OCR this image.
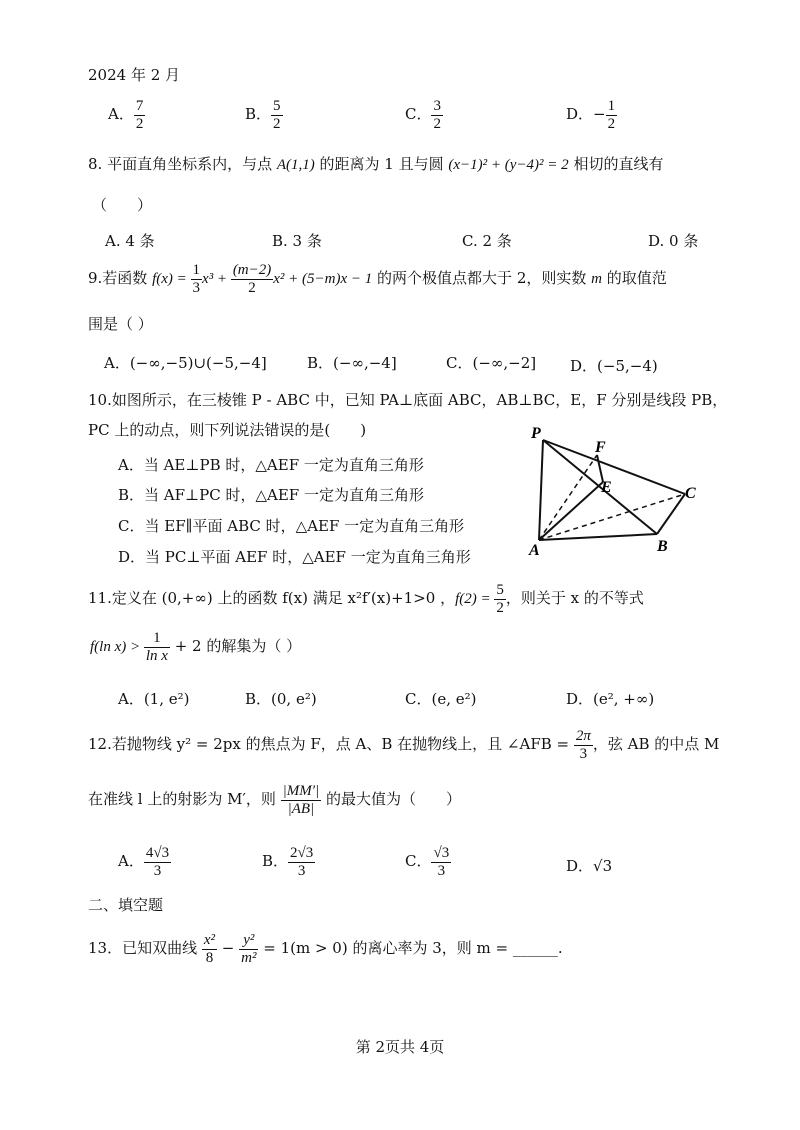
2024 年 2 月
A． $\frac{7}{2}$	B． $\frac{5}{2}$	C． $\frac{3}{2}$	D．− $\frac{1}{2}$
8. 平面直角坐标系内，与点 A(1,1) 的距离为 1 且与圆 (x−1)² + (y−4)² = 2 相切的直线有
（　　）
A. 4 条	B. 3 条	C. 2 条	D. 0 条
9.若函数 $f(x) = \frac{1}{3} x^3 + \frac{(m-2)}{2} x^2 + (5-m)x - 1$ 的两个极值点都大于 2，则实数 m 的取值范
围是（ ）
A．(−∞,−5)∪(−5,−4]	B．(−∞,−4]	C．(−∞,−2] D．(−5,−4)
10.如图所示，在三棱锥 P - ABC 中，已知 PA⊥底面 ABC，AB⊥BC，E，F 分别是线段 PB，
PC 上的动点，则下列说法错误的是(　　)
A．当 AE⊥PB 时，△AEF 一定为直角三角形
B．当 AF⊥PC 时，△AEF 一定为直角三角形
C．当 EF∥平面 ABC 时，△AEF 一定为直角三角形
D．当 PC⊥平面 AEF 时，△AEF 一定为直角三角形
P
F
E	C
A	B
11.定义在 (0,+∞) 上的函数 f(x) 满足 x²f′(x)+1>0 ，$f(2) = \frac{5}{2}$ ，则关于 x 的不等式
f(ln $x) > \frac{1}{\text{ln x}} + 2$ 的解集为（ ）
A．(1, e²)	B．(0, e²)	C．(e, e²)	D．(e², +∞)
12.若抛物线 y² = 2px 的焦点为 F，点 A、B 在抛物线上，且 ∠AFB = $\frac{2\pi}{3}$ ，弦 AB 的中点 M
在准线 l 上的射影为 M′，则 $\frac{|MM'|}{|AB|}$ 的最大值为（　　）
A． $\frac{4√3}{3}$	B． $\frac{2√3}{3}$	C． $\frac{√3}{3}$	D．√3
二、填空题
13．已知双曲线 $\frac{\text{x²}}{8} - \frac{\text{y²}}{\text{m²}} = 1(m > 0)$ 的离心率为 3，则 m = ______.
第 2页共 4页
